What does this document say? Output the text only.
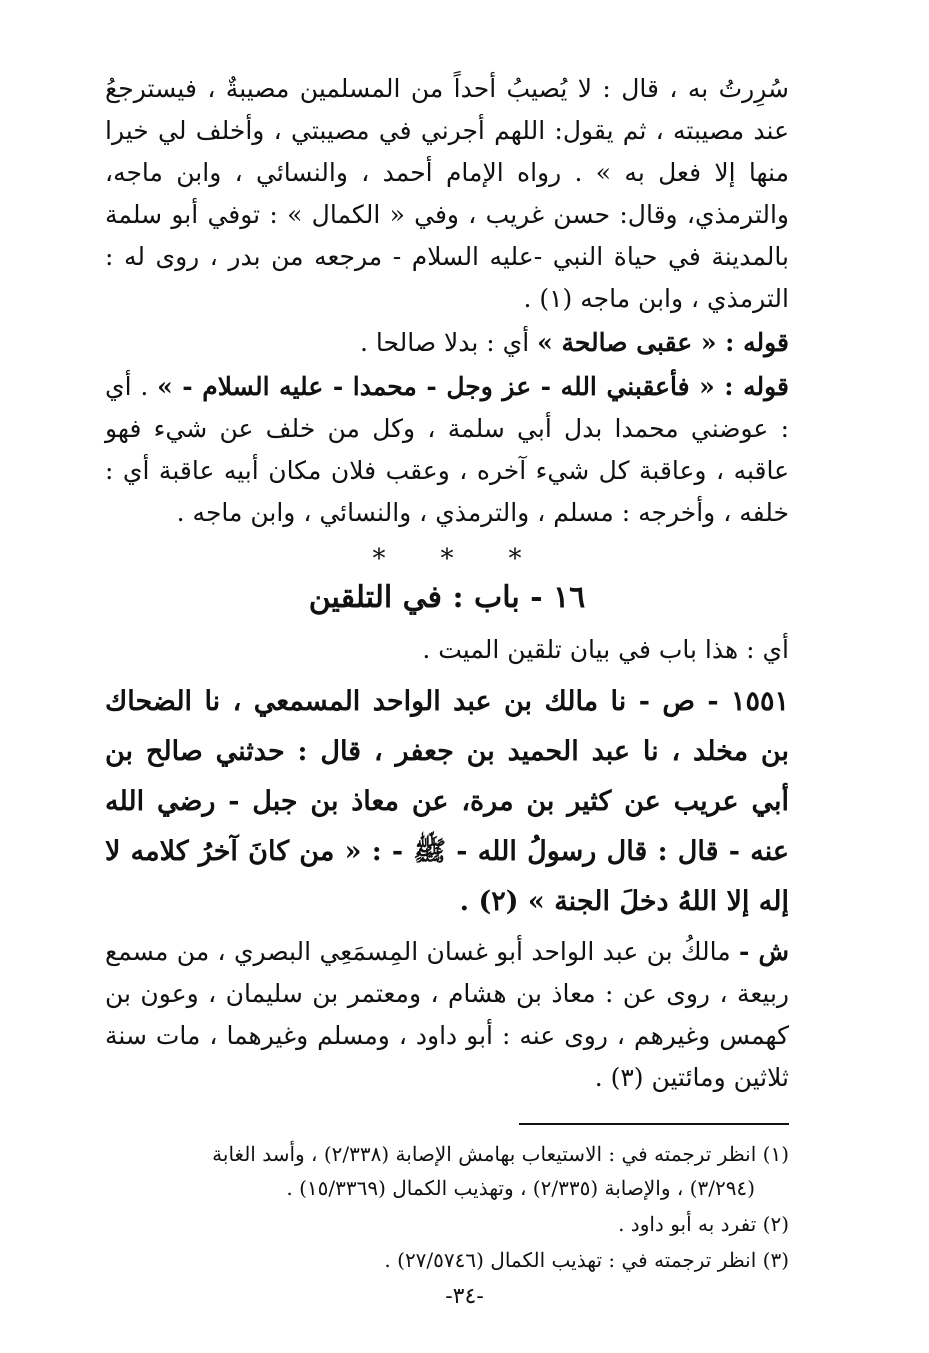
سُرِرتُ به ، قال : لا يُصيبُ أحداً من المسلمين مصيبةٌ ، فيسترجعُ عند مصيبته ، ثم يقول: اللهم أجرني في مصيبتي ، وأخلف لي خيرا منها إلا فعل به » . رواه الإمام أحمد ، والنسائي ، وابن ماجه، والترمذي، وقال: حسن غريب ، وفي « الكمال » : توفي أبو سلمة بالمدينة في حياة النبي -عليه السلام - مرجعه من بدر ، روى له : الترمذي ، وابن ماجه (١) .

قوله : « عقبى صالحة » أي : بدلا صالحا .

قوله : « فأعقبني الله - عز وجل - محمدا - عليه السلام - » . أي : عوضني محمدا بدل أبي سلمة ، وكل من خلف عن شيء فهو عاقبه ، وعاقبة كل شيء آخره ، وعقب فلان مكان أبيه عاقبة أي : خلفه ، وأخرجه : مسلم ، والترمذي ، والنسائي ، وابن ماجه .

* * *
١٦ - باب : في التلقين

أي : هذا باب في بيان تلقين الميت .

١٥٥١ - ص - نا مالك بن عبد الواحد المسمعي ، نا الضحاك بن مخلد ، نا عبد الحميد بن جعفر ، قال : حدثني صالح بن أبي عريب عن كثير بن مرة، عن معاذ بن جبل - رضي الله عنه - قال : قال رسولُ الله - ﷺ - : « من كانَ آخرُ كلامه لا إله إلا اللهُ دخلَ الجنة » (٢) .

ش - مالكُ بن عبد الواحد أبو غسان المِسمَعِي البصري ، من مسمع ربيعة ، روى عن : معاذ بن هشام ، ومعتمر بن سليمان ، وعون بن كهمس وغيرهم ، روى عنه : أبو داود ، ومسلم وغيرهما ، مات سنة ثلاثين ومائتين (٣) .

(١) انظر ترجمته في : الاستيعاب بهامش الإصابة (٢/٣٣٨) ، وأسد الغابة
(٣/٢٩٤) ، والإصابة (٢/٣٣٥) ، وتهذيب الكمال (١٥/٣٣٦٩) .
(٢) تفرد به أبو داود .
(٣) انظر ترجمته في : تهذيب الكمال (٢٧/٥٧٤٦) .
-٣٤-
